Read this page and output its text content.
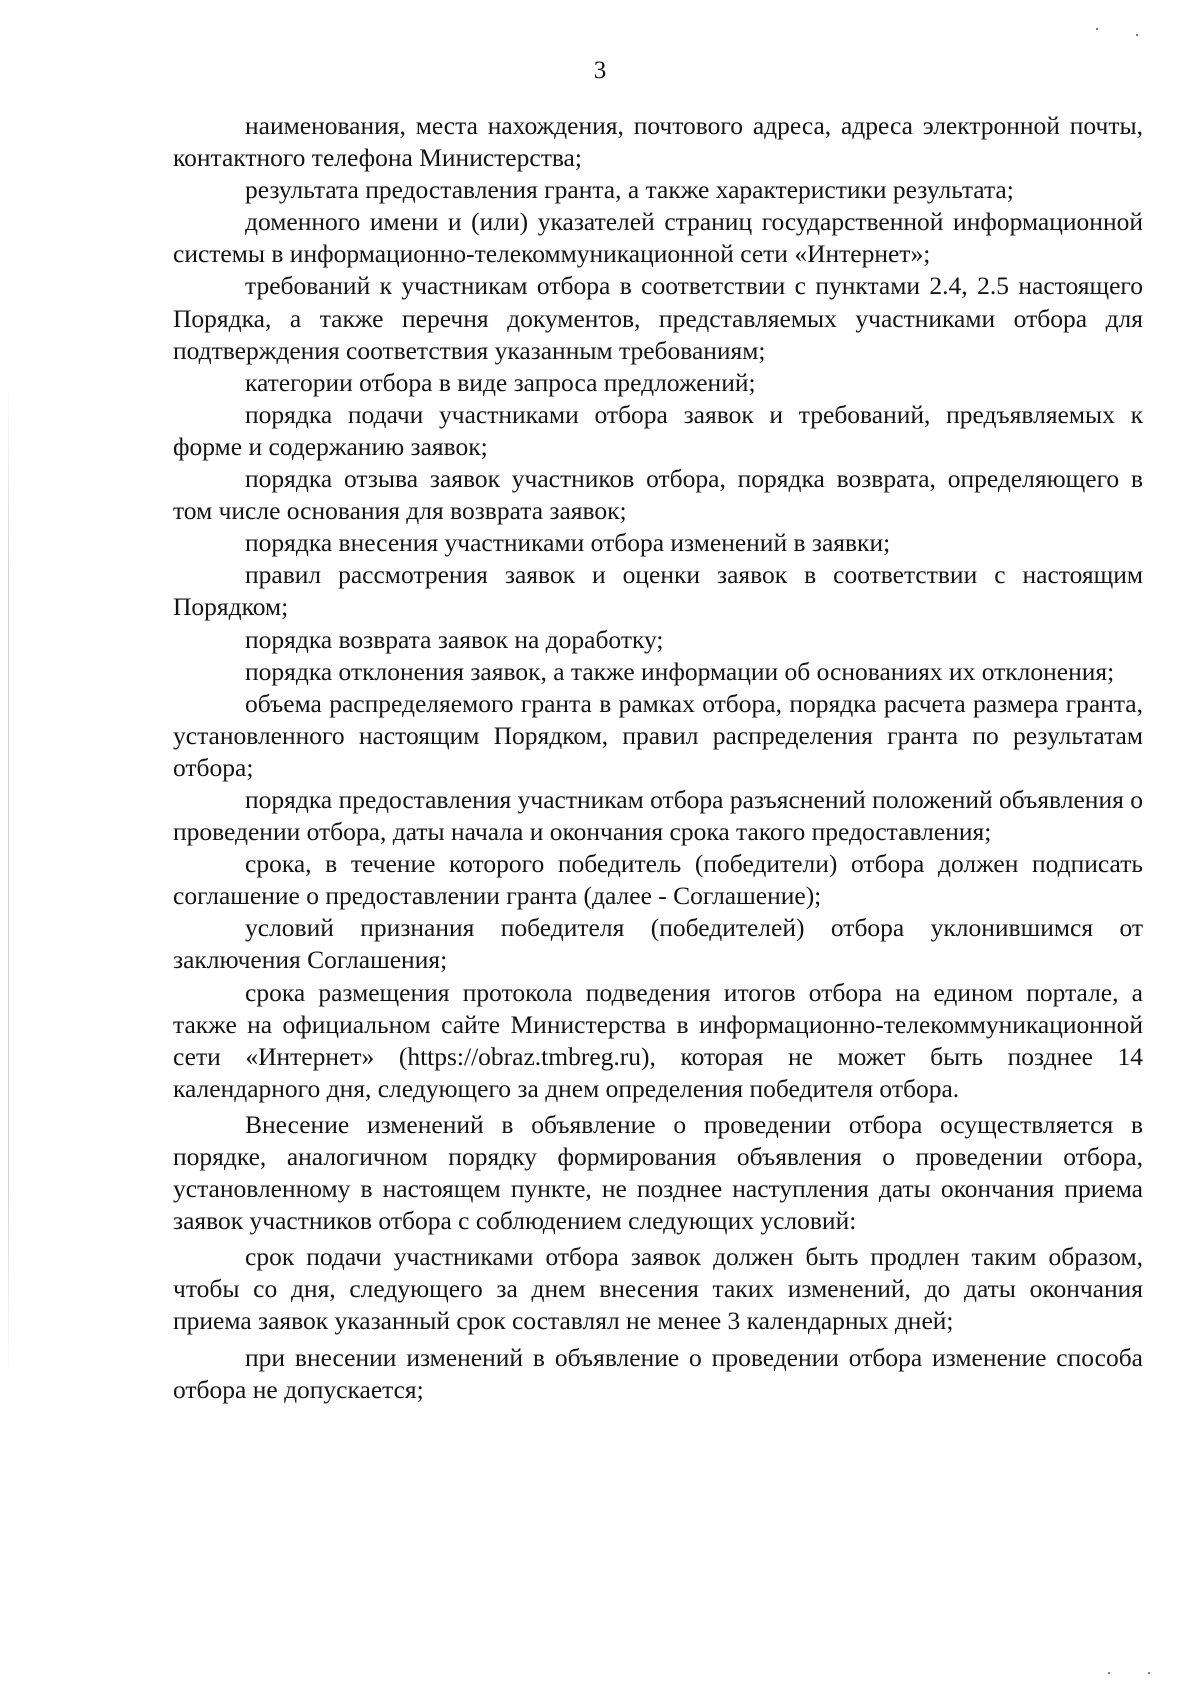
3

наименования, места нахождения, почтового адреса, адреса электронной почты, контактного телефона Министерства;

результата предоставления гранта, а также характеристики результата;

доменного имени и (или) указателей страниц государственной информационной системы в информационно-телекоммуникационной сети «Интернет»;

требований к участникам отбора в соответствии с пунктами 2.4, 2.5 настоящего Порядка, а также перечня документов, представляемых участниками отбора для подтверждения соответствия указанным требованиям;

категории отбора в виде запроса предложений;

порядка подачи участниками отбора заявок и требований, предъявляемых к форме и содержанию заявок;

порядка отзыва заявок участников отбора, порядка возврата, определяющего в том числе основания для возврата заявок;

порядка внесения участниками отбора изменений в заявки;

правил рассмотрения заявок и оценки заявок в соответствии с настоящим Порядком;

порядка возврата заявок на доработку;

порядка отклонения заявок, а также информации об основаниях их отклонения;

объема распределяемого гранта в рамках отбора, порядка расчета размера гранта, установленного настоящим Порядком, правил распределения гранта по результатам отбора;

порядка предоставления участникам отбора разъяснений положений объявления о проведении отбора, даты начала и окончания срока такого предоставления;

срока, в течение которого победитель (победители) отбора должен подписать соглашение о предоставлении гранта (далее - Соглашение);

условий признания победителя (победителей) отбора уклонившимся от заключения Соглашения;

срока размещения протокола подведения итогов отбора на едином портале, а также на официальном сайте Министерства в информационно-телекоммуникационной сети «Интернет» (https://obraz.tmbreg.ru), которая не может быть позднее 14 календарного дня, следующего за днем определения победителя отбора.

Внесение изменений в объявление о проведении отбора осуществляется в порядке, аналогичном порядку формирования объявления о проведении отбора, установленному в настоящем пункте, не позднее наступления даты окончания приема заявок участников отбора с соблюдением следующих условий:

срок подачи участниками отбора заявок должен быть продлен таким образом, чтобы со дня, следующего за днем внесения таких изменений, до даты окончания приема заявок указанный срок составлял не менее 3 календарных дней;

при внесении изменений в объявление о проведении отбора изменение способа отбора не допускается;
